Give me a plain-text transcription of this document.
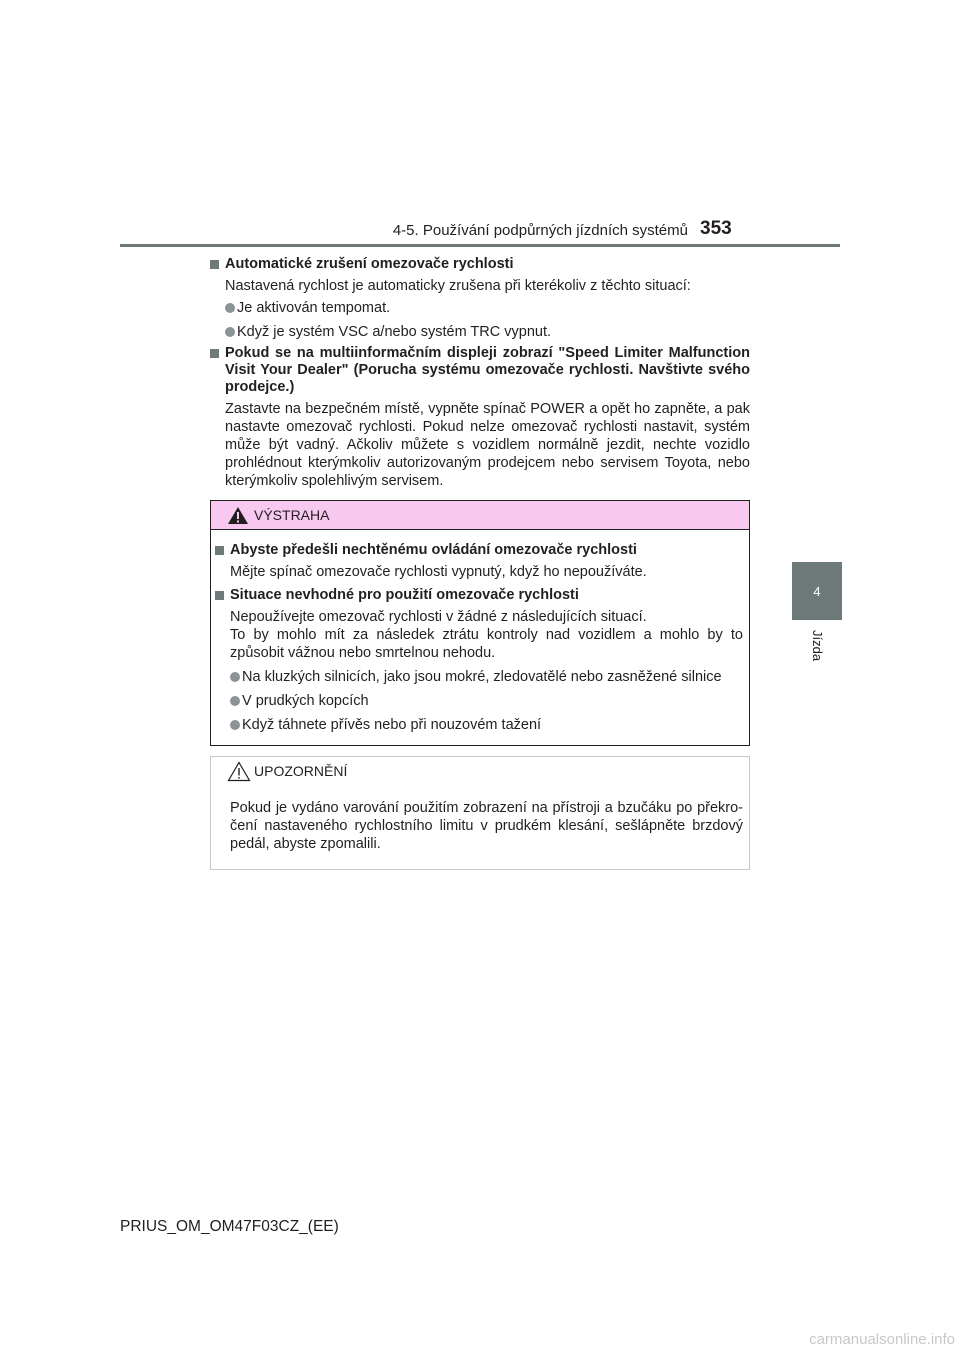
4-5. Používání podpůrných jízdních systémů 353
4
Jízda
Automatické zrušení omezovače rychlosti

Nastavená rychlost je automaticky zrušena při kterékoliv z těchto situací:

Je aktivován tempomat.
Když je systém VSC a/nebo systém TRC vypnut.
Pokud se na multiinformačním displeji zobrazí "Speed Limiter Malfunction Visit Your Dealer" (Porucha systému omezovače rychlosti. Navštivte svého prodejce.)

Zastavte na bezpečném místě, vypněte spínač POWER a opět ho zapněte, a pak nastavte omezovač rychlosti. Pokud nelze omezovač rychlosti nastavit, systém může být vadný. Ačkoliv můžete s vozidlem normálně jezdit, nechte vozidlo prohlédnout kterýmkoliv autorizovaným prodejcem nebo servisem Toyota, nebo kterýmkoliv spolehlivým servisem.

VÝSTRAHA
Abyste předešli nechtěnému ovládání omezovače rychlosti

Mějte spínač omezovače rychlosti vypnutý, když ho nepoužíváte.

Situace nevhodné pro použití omezovače rychlosti

Nepoužívejte omezovač rychlosti v žádné z následujících situací.

To by mohlo mít za následek ztrátu kontroly nad vozidlem a mohlo by to způsobit vážnou nebo smrtelnou nehodu.

Na kluzkých silnicích, jako jsou mokré, zledovatělé nebo zasněžené silnice
V prudkých kopcích
Když táhnete přívěs nebo při nouzovém tažení
UPOZORNĚNÍ

Pokud je vydáno varování použitím zobrazení na přístroji a bzučáku po překro-čení nastaveného rychlostního limitu v prudkém klesání, sešlápněte brzdový pedál, abyste zpomalili.

PRIUS_OM_OM47F03CZ_(EE)
carmanualsonline.info
